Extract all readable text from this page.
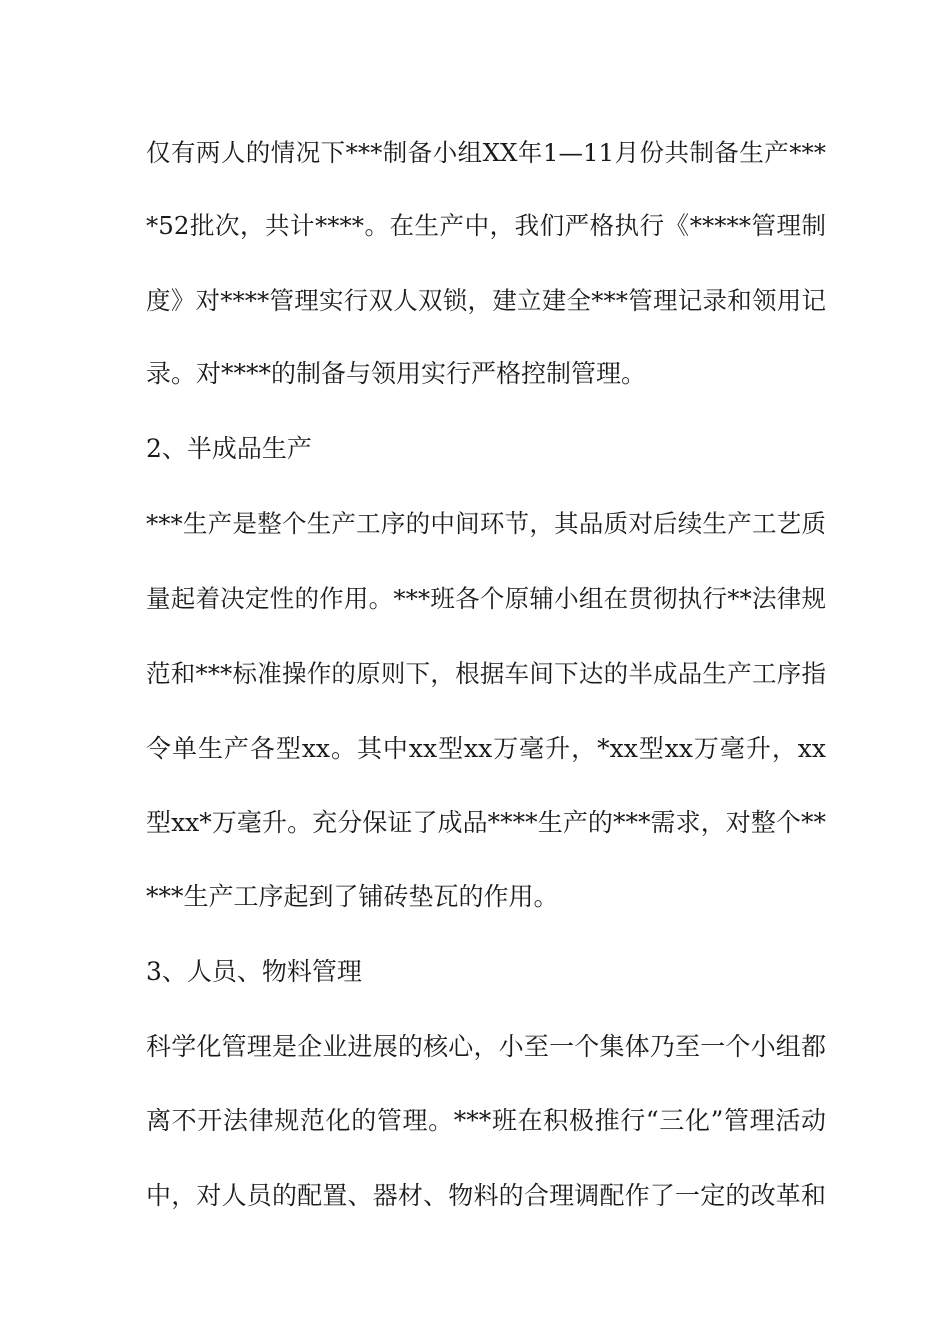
仅有两人的情况下***制备小组XX年1—11月份共制备生产***
*52批次，共计****。在生产中，我们严格执行《*****管理制
度》对****管理实行双人双锁，建立建全***管理记录和领用记
录。对****的制备与领用实行严格控制管理。
2、半成品生产
***生产是整个生产工序的中间环节，其品质对后续生产工艺质
量起着决定性的作用。***班各个原辅小组在贯彻执行**法律规
范和***标准操作的原则下，根据车间下达的半成品生产工序指
令单生产各型xx。其中xx型xx万毫升，*xx型xx万毫升，xx
型xx*万毫升。充分保证了成品****生产的***需求，对整个**
***生产工序起到了铺砖垫瓦的作用。
3、人员、物料管理
科学化管理是企业进展的核心，小至一个集体乃至一个小组都
离不开法律规范化的管理。***班在积极推行“三化”管理活动
中，对人员的配置、器材、物料的合理调配作了一定的改革和
